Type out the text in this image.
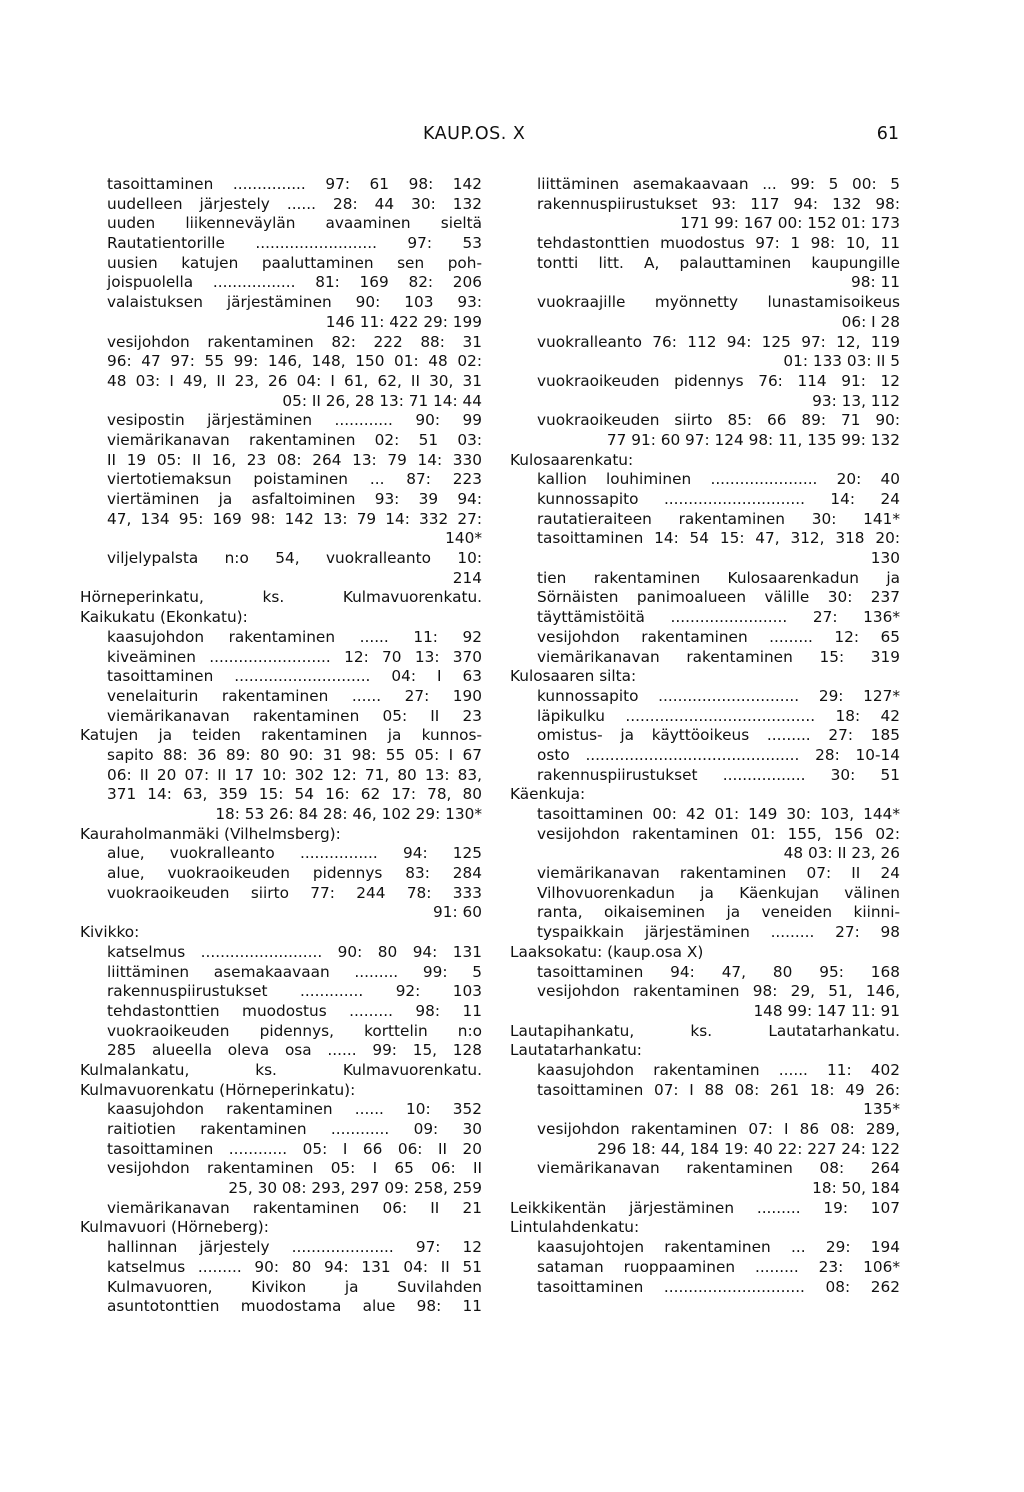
KAUP.OS. X	61
tasoittaminen ............... 97: 61 98: 142
uudelleen järjestely ...... 28: 44 30: 132
uuden liikenneväylän avaaminen sieltä
Rautatientorille ......................... 97: 53
uusien katujen paaluttaminen sen poh-
joispuolella ................. 81: 169 82: 206
valaistuksen järjestäminen 90: 103 93:
146 11: 422 29: 199
vesijohdon rakentaminen 82: 222 88: 31
96: 47 97: 55 99: 146, 148, 150 01: 48 02:
48 03: I 49, II 23, 26 04: I 61, 62, II 30, 31
05: II 26, 28 13: 71 14: 44
vesipostin järjestäminen ............ 90: 99
viemärikanavan rakentaminen 02: 51 03:
II 19 05: II 16, 23 08: 264 13: 79 14: 330
viertotiemaksun poistaminen ... 87: 223
viertäminen ja asfaltoiminen 93: 39 94:
47, 134 95: 169 98: 142 13: 79 14: 332 27:
140*
viljelypalsta n:o 54, vuokralleanto 10:
214
Hörneperinkatu, ks. Kulmavuorenkatu.
Kaikukatu (Ekonkatu):
kaasujohdon rakentaminen ...... 11: 92
kiveäminen ......................... 12: 70 13: 370
tasoittaminen ............................ 04: I 63
venelaiturin rakentaminen ...... 27: 190
viemärikanavan rakentaminen 05: II 23
Katujen ja teiden rakentaminen ja kunnos-
sapito 88: 36 89: 80 90: 31 98: 55 05: I 67
06: II 20 07: II 17 10: 302 12: 71, 80 13: 83,
371 14: 63, 359 15: 54 16: 62 17: 78, 80
18: 53 26: 84 28: 46, 102 29: 130*
Kauraholmanmäki (Vilhelmsberg):
alue, vuokralleanto ................ 94: 125
alue, vuokraoikeuden pidennys 83: 284
vuokraoikeuden siirto 77: 244 78: 333
91: 60
Kivikko:
katselmus ......................... 90: 80 94: 131
liittäminen asemakaavaan ......... 99: 5
rakennuspiirustukset ............. 92: 103
tehdastonttien muodostus ......... 98: 11
vuokraoikeuden pidennys, korttelin n:o
285 alueella oleva osa ...... 99: 15, 128
Kulmalankatu, ks. Kulmavuorenkatu.
Kulmavuorenkatu (Hörneperinkatu):
kaasujohdon rakentaminen ...... 10: 352
raitiotien rakentaminen ............ 09: 30
tasoittaminen ............ 05: I 66 06: II 20
vesijohdon rakentaminen 05: I 65 06: II
25, 30 08: 293, 297 09: 258, 259
viemärikanavan rakentaminen 06: II 21
Kulmavuori (Hörneberg):
hallinnan järjestely ..................... 97: 12
katselmus ......... 90: 80 94: 131 04: II 51
Kulmavuoren, Kivikon ja Suvilahden
asuntotonttien muodostama alue 98: 11
liittäminen asemakaavaan ... 99: 5 00: 5
rakennuspiirustukset 93: 117 94: 132 98:
171 99: 167 00: 152 01: 173
tehdastonttien muodostus 97: 1 98: 10, 11
tontti litt. A, palauttaminen kaupungille
98: 11
vuokraajille myönnetty lunastamisoikeus
06: I 28
vuokralleanto 76: 112 94: 125 97: 12, 119
01: 133 03: II 5
vuokraoikeuden pidennys 76: 114 91: 12
93: 13, 112
vuokraoikeuden siirto 85: 66 89: 71 90:
77 91: 60 97: 124 98: 11, 135 99: 132
Kulosaarenkatu:
kallion louhiminen ...................... 20: 40
kunnossapito ............................. 14: 24
rautatieraiteen rakentaminen 30: 141*
tasoittaminen 14: 54 15: 47, 312, 318 20:
130
tien rakentaminen Kulosaarenkadun ja
Sörnäisten panimoalueen välille 30: 237
täyttämistöitä ........................ 27: 136*
vesijohdon rakentaminen ......... 12: 65
viemärikanavan rakentaminen 15: 319
Kulosaaren silta:
kunnossapito ............................. 29: 127*
läpikulku ....................................... 18: 42
omistus- ja käyttöoikeus ......... 27: 185
osto ............................................ 28: 10-14
rakennuspiirustukset ................. 30: 51
Käenkuja:
tasoittaminen 00: 42 01: 149 30: 103, 144*
vesijohdon rakentaminen 01: 155, 156 02:
48 03: II 23, 26
viemärikanavan rakentaminen 07: II 24
Vilhovuorenkadun ja Käenkujan välinen
ranta, oikaiseminen ja veneiden kiinni-
tyspaikkain järjestäminen ......... 27: 98
Laaksokatu: (kaup.osa X)
tasoittaminen 94: 47, 80 95: 168
vesijohdon rakentaminen 98: 29, 51, 146,
148 99: 147 11: 91
Lautapihankatu, ks. Lautatarhankatu.
Lautatarhankatu:
kaasujohdon rakentaminen ...... 11: 402
tasoittaminen 07: I 88 08: 261 18: 49 26:
135*
vesijohdon rakentaminen 07: I 86 08: 289,
296 18: 44, 184 19: 40 22: 227 24: 122
viemärikanavan rakentaminen 08: 264
18: 50, 184
Leikkikentän järjestäminen ......... 19: 107
Lintulahdenkatu:
kaasujohtojen rakentaminen ... 29: 194
sataman ruoppaaminen ......... 23: 106*
tasoittaminen ............................. 08: 262
